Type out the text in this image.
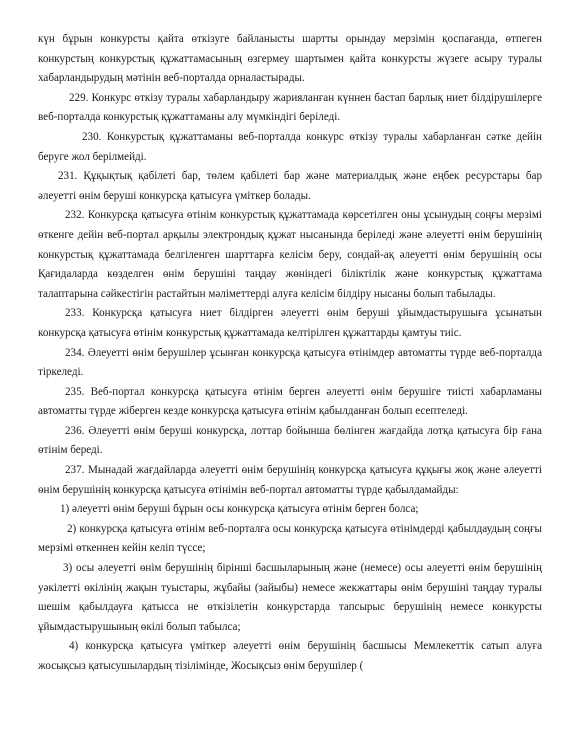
күн бұрын конкурсты қайта өткізуге байланысты шартты орындау мерзімін қоспағанда, өтпеген конкурстың конкурстық құжаттамасының өзгермеу шартымен қайта конкурсты жүзеге асыру туралы хабарландырудың мәтінін веб-порталда орналастырады.

229. Конкурс өткізу туралы хабарландыру жарияланған күннен бастап барлық ниет білдірушілерге веб-порталда конкурстық құжаттаманы алу мүмкіндігі беріледі.

230. Конкурстық құжаттаманы веб-порталда конкурс өткізу туралы хабарланған сәтке дейін беруге жол берілмейді.

231. Құқықтық қабілеті бар, төлем қабілеті бар және материалдық және еңбек ресурстары бар әлеуетті өнім беруші конкурсқа қатысуға үміткер болады.

232. Конкурсқа қатысуға өтінім конкурстық құжаттамада көрсетілген оны ұсынудың соңғы мерзімі өткенге дейін веб-портал арқылы электрондық құжат нысанында беріледі және әлеуетті өнім берушінің конкурстық құжаттамада белгіленген шарттарға келісім беру, сондай-ақ әлеуетті өнім берушінің осы Қағидаларда көзделген өнім берушіні таңдау жөніндегі біліктілік және конкурстық құжаттама талаптарына сәйкестігін растайтын мәліметтерді алуға келісім білдіру нысаны болып табылады.

233. Конкурсқа қатысуға ниет білдірген әлеуетті өнім беруші ұйымдастырушыға ұсынатын конкурсқа қатысуға өтінім конкурстық құжаттамада келтірілген құжаттарды қамтуы тиіс.

234. Әлеуетті өнім берушілер ұсынған конкурсқа қатысуға өтінімдер автоматты түрде веб-порталда тіркеледі.

235. Веб-портал конкурсқа қатысуға өтінім берген әлеуетті өнім берушіге тиісті хабарламаны автоматты түрде жіберген кезде конкурсқа қатысуға өтінім қабылданған болып есептеледі.

236. Әлеуетті өнім беруші конкурсқа, лоттар бойынша бөлінген жағдайда лотқа қатысуға бір ғана өтінім береді.

237. Мынадай жағдайларда әлеуетті өнім берушінің конкурсқа қатысуға құқығы жоқ және әлеуетті өнім берушінің конкурсқа қатысуға өтінімін веб-портал автоматты түрде қабылдамайды:

1) әлеуетті өнім беруші бұрын осы конкурсқа қатысуға өтінім берген болса;

2) конкурсқа қатысуға өтінім веб-порталға осы конкурсқа қатысуға өтінімдерді қабылдаудың соңғы мерзімі өткеннен кейін келіп түссе;

3) осы әлеуетті өнім берушінің бірінші басшыларының және (немесе) осы әлеуетті өнім берушінің уәкілетті өкілінің жақын туыстары, жұбайы (зайыбы) немесе жекжаттары өнім берушіні таңдау туралы шешім қабылдауға қатысса не өткізілетін конкурстарда тапсырыс берушінің немесе конкурсты ұйымдастырушының өкілі болып табылса;

4) конкурсқа қатысуға үміткер әлеуетті өнім берушінің басшысы Мемлекеттік сатып алуға жосықсыз қатысушылардың тізілімінде, Жосықсыз өнім берушілер (
